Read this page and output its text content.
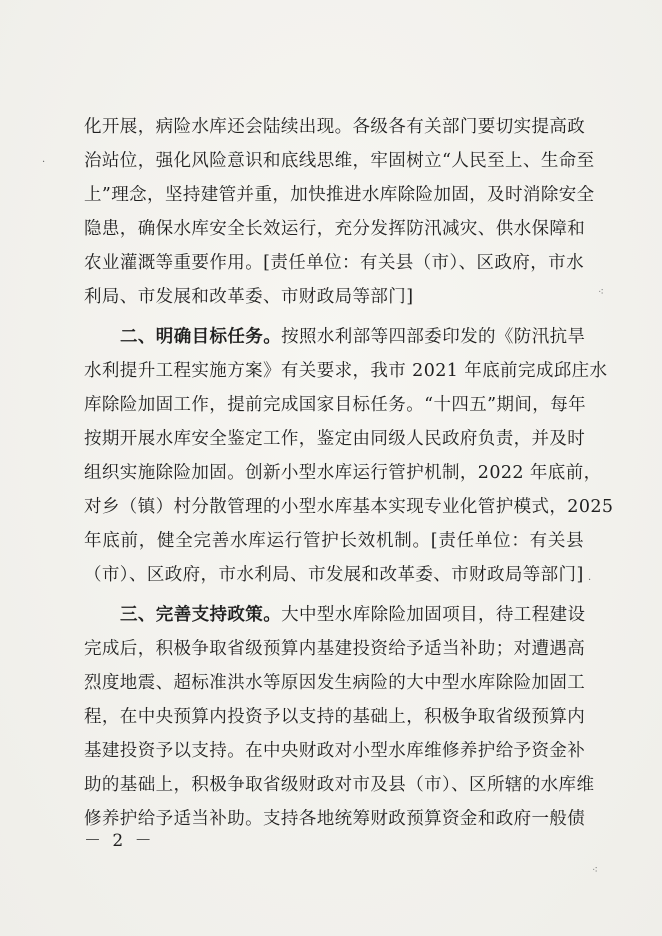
·
⁖
·
⁖
化开展，病险水库还会陆续出现。各级各有关部门要切实提高政
治站位，强化风险意识和底线思维，牢固树立“人民至上、生命至
上”理念，坚持建管并重，加快推进水库除险加固，及时消除安全
隐患，确保水库安全长效运行，充分发挥防汛减灾、供水保障和
农业灌溉等重要作用。[责任单位：有关县（市）、区政府，市水
利局、市发展和改革委、市财政局等部门]
二、明确目标任务。按照水利部等四部委印发的《防汛抗旱
水利提升工程实施方案》有关要求，我市 2021 年底前完成邱庄水
库除险加固工作，提前完成国家目标任务。“十四五”期间，每年
按期开展水库安全鉴定工作，鉴定由同级人民政府负责，并及时
组织实施除险加固。创新小型水库运行管护机制，2022 年底前，
对乡（镇）村分散管理的小型水库基本实现专业化管护模式，2025
年底前，健全完善水库运行管护长效机制。[责任单位：有关县
（市）、区政府，市水利局、市发展和改革委、市财政局等部门]
三、完善支持政策。大中型水库除险加固项目，待工程建设
完成后，积极争取省级预算内基建投资给予适当补助；对遭遇高
烈度地震、超标准洪水等原因发生病险的大中型水库除险加固工
程，在中央预算内投资予以支持的基础上，积极争取省级预算内
基建投资予以支持。在中央财政对小型水库维修养护给予资金补
助的基础上，积极争取省级财政对市及县（市）、区所辖的水库维
修养护给予适当补助。支持各地统筹财政预算资金和政府一般债
－ 2 －
